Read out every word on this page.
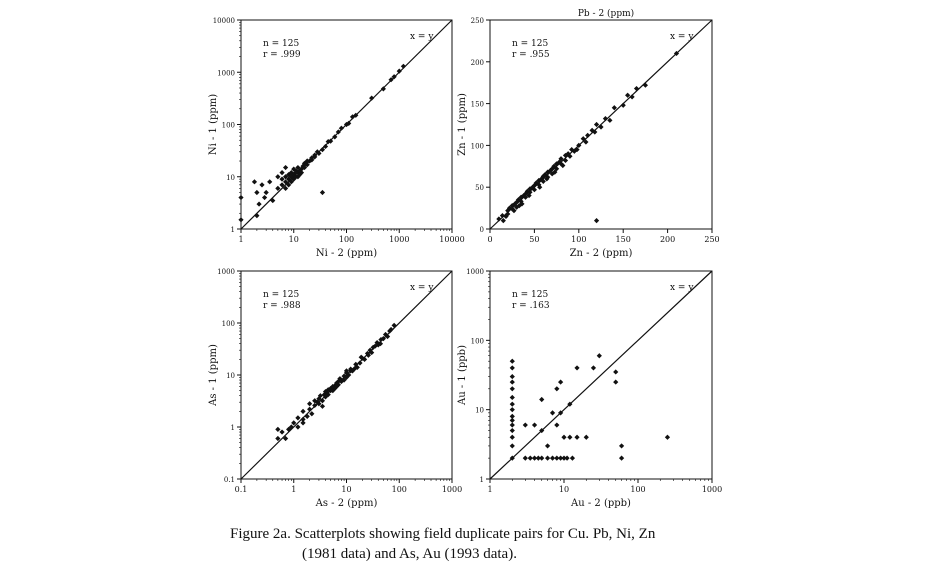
1	10	100	1000	10000
1
10
100
1000
10000
Ni - 2 (ppm)
Ni - 1 (ppm)
n = 125
r = .999
x = y
0	50	100	150	200	250
0
50
100
150
200
250
Zn - 2 (ppm)
Zn - 1 (ppm)
Pb - 2 (ppm)
n = 125
r = .955
x = y
0.1	1	10	100	1000
0.1
1
10
100
1000
As - 2 (ppm)
As - 1 (ppm)
n = 125
r = .988
x = y
1	10	100	1000
1
10
100
1000
Au - 2 (ppb)
Au - 1 (ppb)
n = 125
r = .163
x = y
Figure 2a. Scatterplots showing field duplicate pairs for Cu. Pb, Ni, Zn
(1981 data) and As, Au (1993 data).
